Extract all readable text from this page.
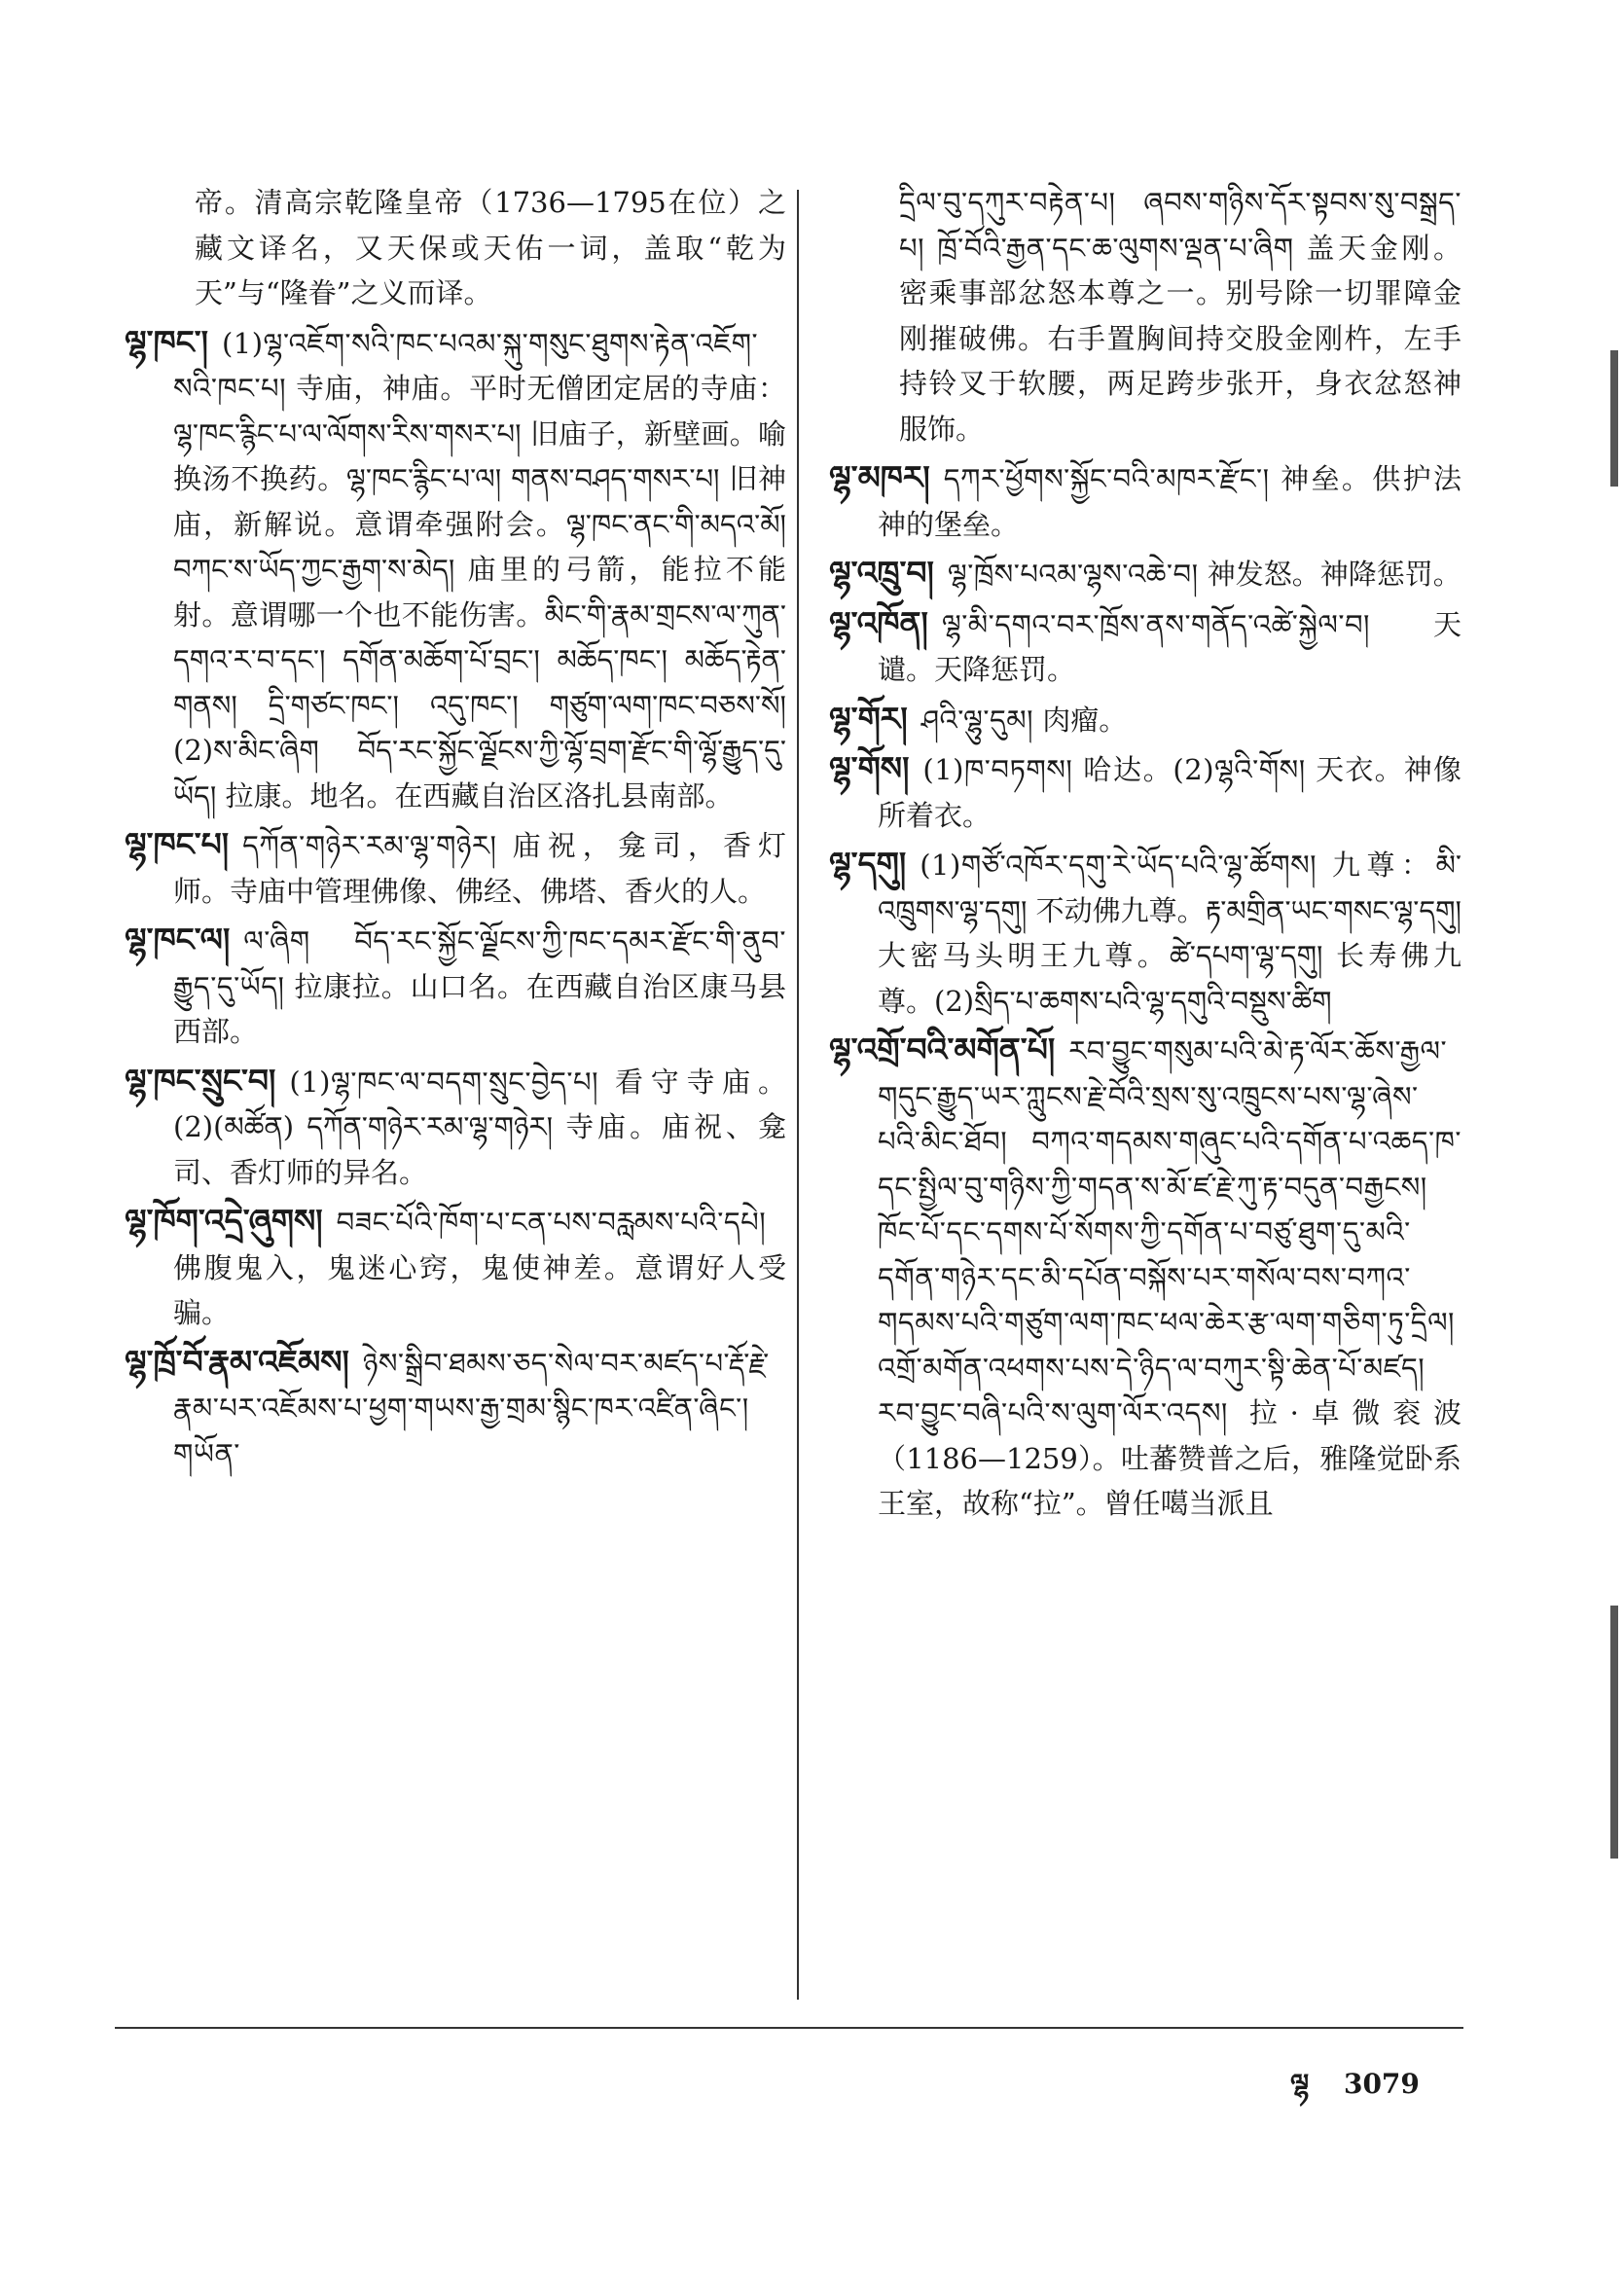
帝。清高宗乾隆皇帝（1736—1795在位）之藏文译名，又天保或天佑一词，盖取“乾为天”与“隆眷”之义而译。

ལྷ་ཁང་། (1)ལྷ་འཇོག་སའི་ཁང་པའམ་སྐུ་གསུང་ཐུགས་རྟེན་འཇོག་སའི་ཁང་པ། 寺庙，神庙。平时无僧团定居的寺庙：ལྷ་ཁང་རྙིང་པ་ལ་ལོགས་རིས་གསར་པ། 旧庙子，新壁画。喻换汤不换药。ལྷ་ཁང་རྙིང་པ་ལ། གནས་བཤད་གསར་པ། 旧神庙，新解说。意谓牵强附会。ལྷ་ཁང་ནང་གི་མདའ་མོ། བཀང་ས་ཡོད་ཀྱང་རྒྱག་ས་མེད། 庙里的弓箭，能拉不能射。意谓哪一个也不能伤害。མིང་གི་རྣམ་གྲངས་ལ་ཀུན་དགའ་ར་བ་དང་། དགོན་མཆོག་པོ་བྲང་། མཆོད་ཁང་། མཆོད་རྟེན་གནས། དྲི་གཙང་ཁང་། འདུ་ཁང་། གཙུག་ལག་ཁང་བཅས་སོ། (2)ས་མིང་ཞིག བོད་རང་སྐྱོང་ལྗོངས་ཀྱི་ལྷོ་བྲག་རྫོང་གི་ལྷོ་རྒྱུད་དུ་ཡོད། 拉康。地名。在西藏自治区洛扎县南部。

ལྷ་ཁང་པ། དཀོན་གཉེར་རམ་ལྷ་གཉེར། 庙祝，龛司，香灯师。寺庙中管理佛像、佛经、佛塔、香火的人。

ལྷ་ཁང་ལ། ལ་ཞིག བོད་རང་སྐྱོང་ལྗོངས་ཀྱི་ཁང་དམར་རྫོང་གི་ནུབ་རྒྱུད་དུ་ཡོད། 拉康拉。山口名。在西藏自治区康马县西部。

ལྷ་ཁང་སྲུང་བ། (1)ལྷ་ཁང་ལ་བདག་སྲུང་བྱེད་པ། 看守寺庙。(2)(མཚོན) དཀོན་གཉེར་རམ་ལྷ་གཉེར། 寺庙。庙祝、龛司、香灯师的异名。

ལྷ་ཁོག་འདྲེ་ཞུགས། བཟང་པོའི་ཁོག་པ་ངན་པས་བརླམས་པའི་དཔེ། 佛腹鬼入，鬼迷心窍，鬼使神差。意谓好人受骗。

ལྷ་ཁྲོ་བོ་རྣམ་འཇོམས། ཉེས་སྒྲིབ་ཐམས་ཅད་སེལ་བར་མཛད་པ་རྡོ་རྗེ་རྣམ་པར་འཇོམས་པ་ཕྱག་གཡས་རྒྱ་གྲམ་སྙིང་ཁར་འཛིན་ཞིང་། གཡོན་

དྲིལ་བུ་དཀུར་བརྟེན་པ། ཞབས་གཉིས་དོར་སྟབས་སུ་བསྒྲད་པ། ཁྲོ་བོའི་རྒྱན་དང་ཆ་ལུགས་ལྡན་པ་ཞིག 盖天金刚。密乘事部忿怒本尊之一。别号除一切罪障金刚摧破佛。右手置胸间持交股金刚杵，左手持铃叉于软腰，两足跨步张开，身衣忿怒神服饰。

ལྷ་མཁར། དཀར་ཕྱོགས་སྐྱོང་བའི་མཁར་རྫོང་། 神垒。供护法神的堡垒。

ལྷ་འཁྲུ་བ། ལྷ་ཁྲོས་པའམ་ལྷས་འཆེ་བ། 神发怒。神降惩罚。

ལྷ་འཁོན། ལྷ་མི་དགའ་བར་ཁྲོས་ནས་གནོད་འཚེ་སྐྱེལ་བ། 天谴。天降惩罚。

ལྷ་གོར། ཤའི་ལྷུ་དུམ། 肉瘤。

ལྷ་གོས། (1)ཁ་བཏགས། 哈达。(2)ལྷའི་གོས། 天衣。神像所着衣。

ལྷ་དགུ། (1)གཙོ་འཁོར་དགུ་རེ་ཡོད་པའི་ལྷ་ཚོགས། 九尊：མི་འཁྲུགས་ལྷ་དགུ། 不动佛九尊。རྟ་མགྲིན་ཡང་གསང་ལྷ་དགུ། 大密马头明王九尊。ཚེ་དཔག་ལྷ་དགུ། 长寿佛九尊。(2)སྲིད་པ་ཆགས་པའི་ལྷ་དགུའི་བསྡུས་ཚིག

ལྷ་འགྲོ་བའི་མགོན་པོ། རབ་བྱུང་གསུམ་པའི་མེ་རྟ་ལོར་ཆོས་རྒྱལ་གདུང་རྒྱུད་ཡར་ཀླུངས་རྗེ་བོའི་སྲས་སུ་འཁྲུངས་པས་ལྷ་ཞེས་པའི་མིང་ཐོབ། བཀའ་གདམས་གཞུང་པའི་དགོན་པ་འཆད་ཁ་དང་སྤྱིལ་བུ་གཉིས་ཀྱི་གདན་ས་མོ་ཛ་རྗེ་ཀུ་རྟ་བདུན་བརྒྱངས། ཁོང་པོ་དང་དགས་པོ་སོགས་ཀྱི་དགོན་པ་བཙུ་ཐུག་དུ་མའི་དགོན་གཉེར་དང་མི་དཔོན་བསྐོས་པར་གསོལ་བས་བཀའ་གདམས་པའི་གཙུག་ལག་ཁང་ཕལ་ཆེར་རྩ་ལག་གཅིག་ཏུ་དྲིལ། འགྲོ་མགོན་འཕགས་པས་དེ་ཉིད་ལ་བཀུར་སྟི་ཆེན་པོ་མཛད། རབ་བྱུང་བཞི་པའི་ས་ལུག་ལོར་འདས། 拉·卓微衮波（1186—1259）。吐蕃赞普之后，雅隆觉卧系王室，故称“拉”。曾任噶当派且

ལྷ 3079
